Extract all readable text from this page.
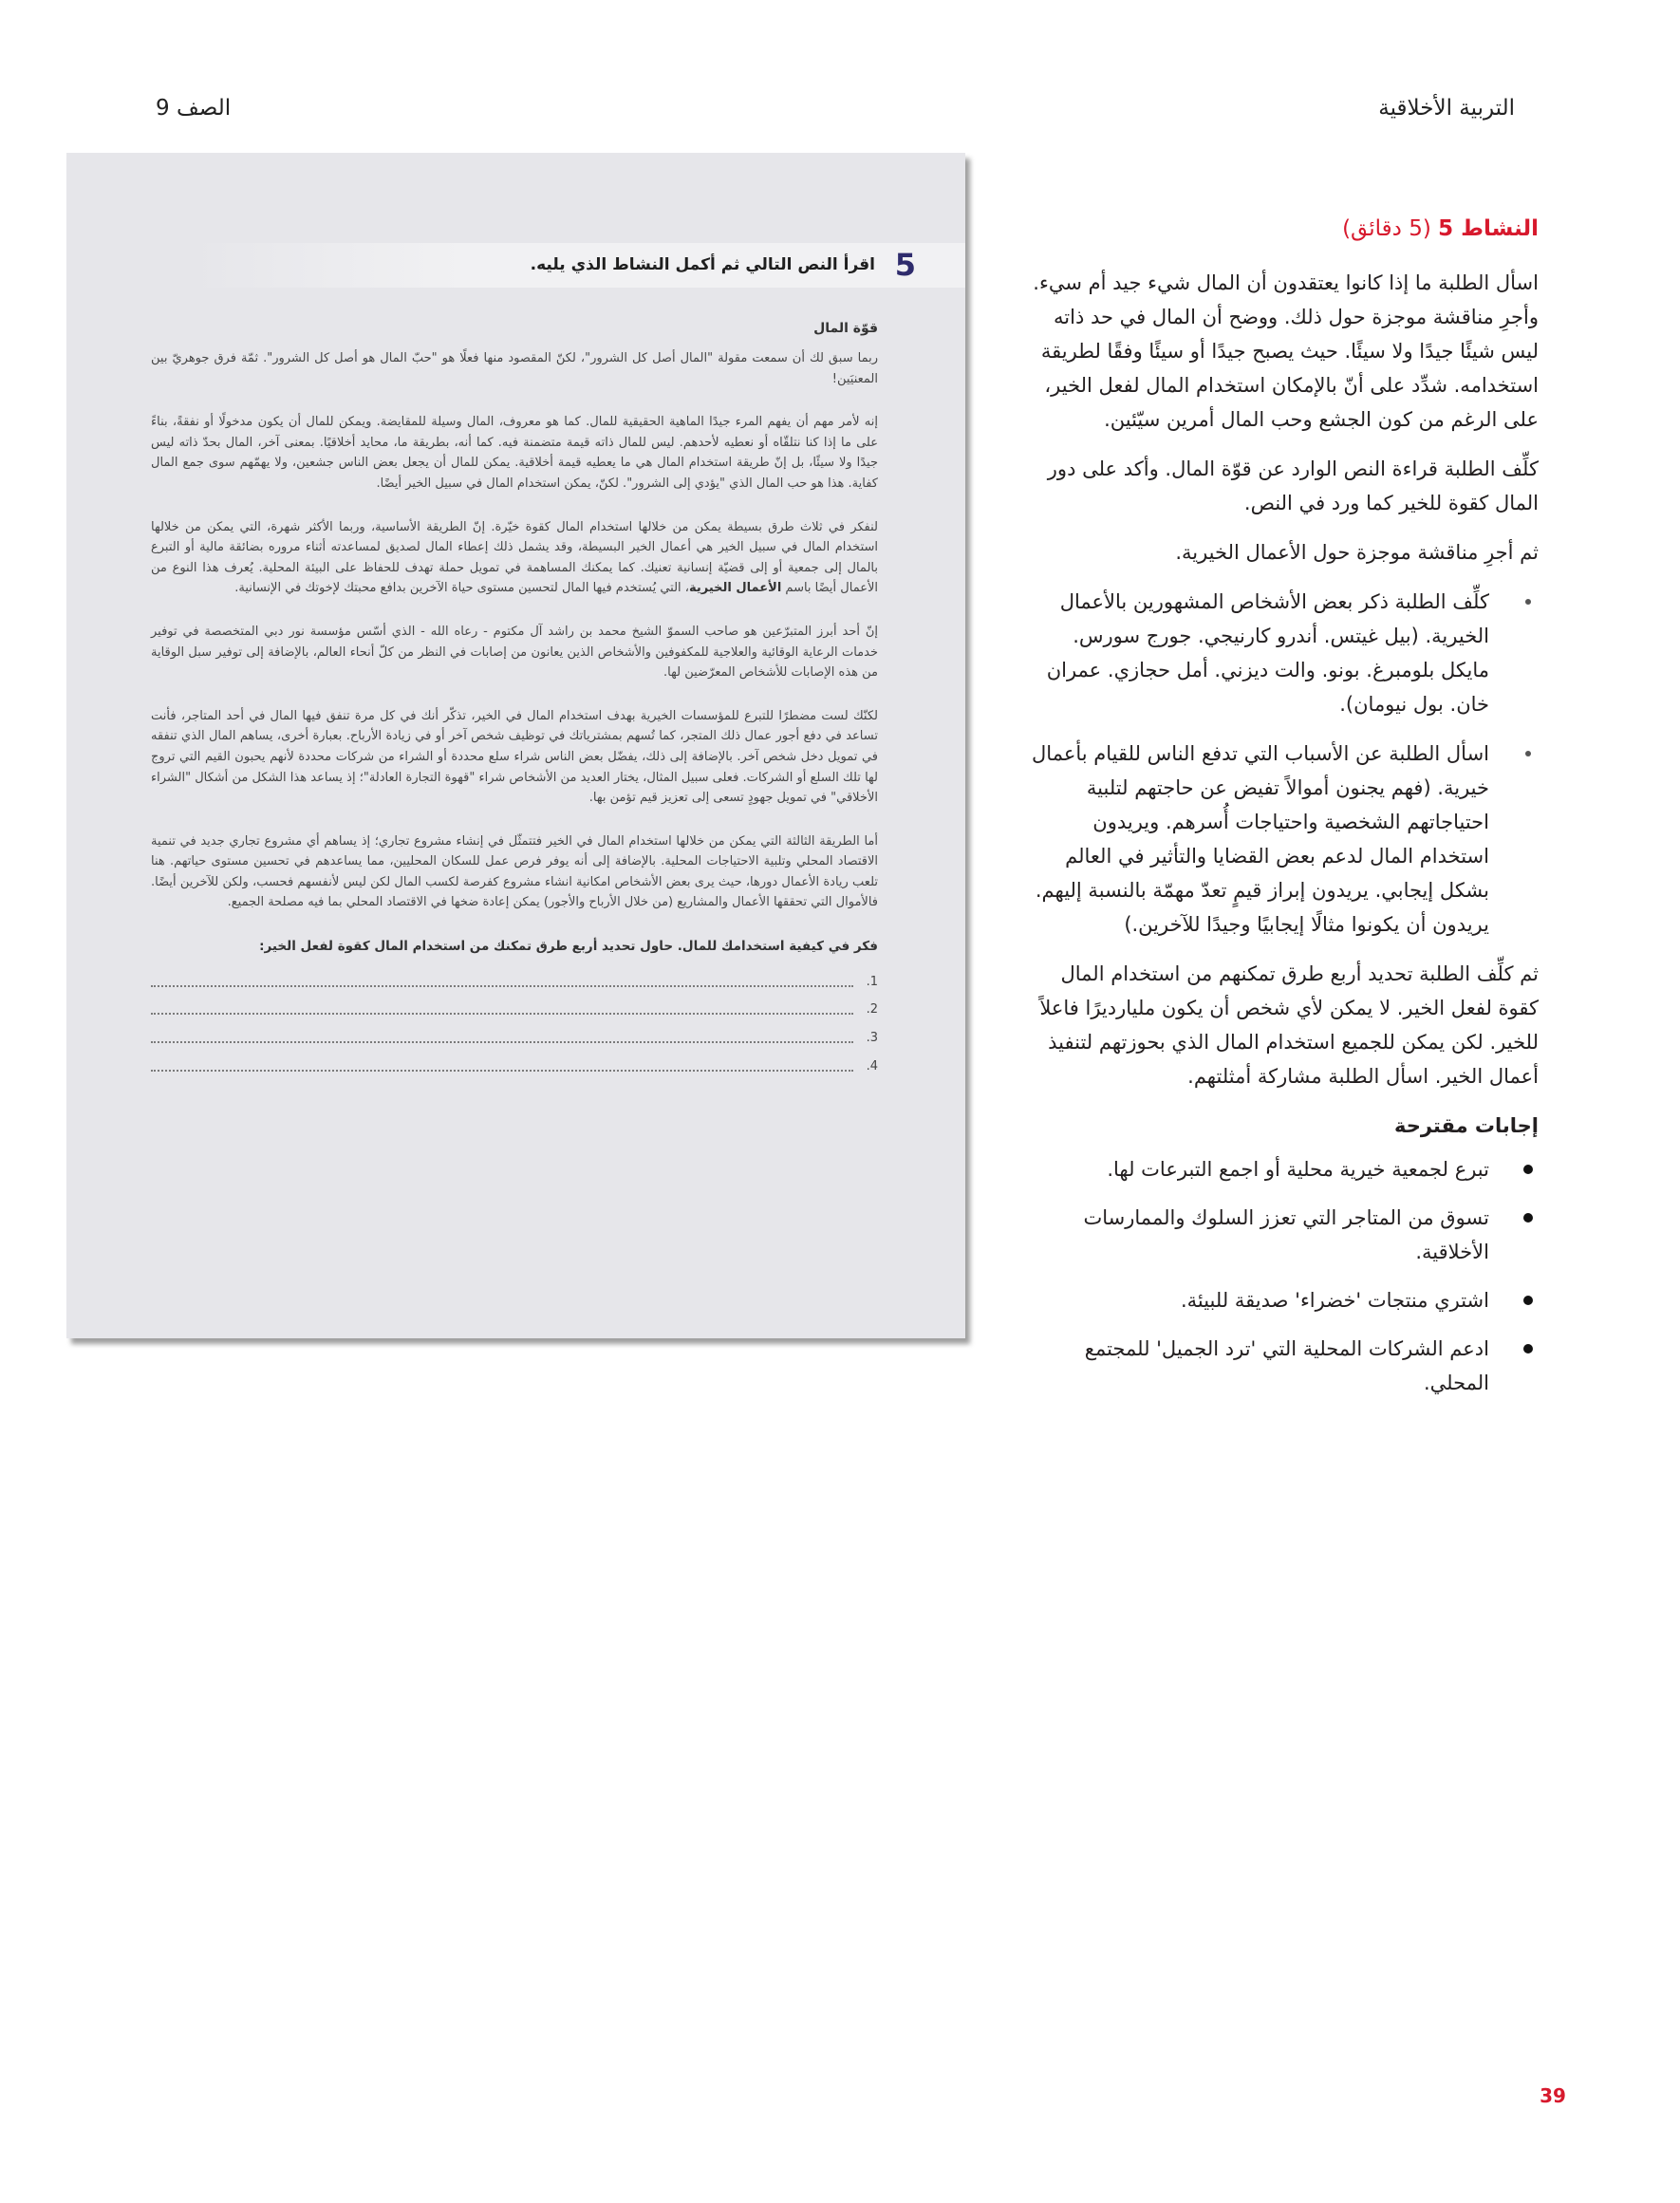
التربية الأخلاقية
الصف 9
5
اقرأ النص التالي ثم أكمل النشاط الذي يليه.
قوّة المال

ربما سبق لك أن سمعت مقولة "المال أصل كل الشرور"، لكنّ المقصود منها فعلًا هو "حبّ المال هو أصل كل الشرور". ثمّة فرق جوهريّ بين المعنيَين!

إنه لأمر مهم أن يفهم المرء جيدًا الماهية الحقيقية للمال. كما هو معروف، المال وسيلة للمقايضة. ويمكن للمال أن يكون مدخولًا أو نفقةً، بناءً على ما إذا كنا نتلقّاه أو نعطيه لأحدهم. ليس للمال ذاته قيمة متضمنة فيه. كما أنه، بطريقة ما، محايد أخلاقيًا. بمعنى آخر، المال بحدّ ذاته ليس جيدًا ولا سيئًا، بل إنّ طريقة استخدام المال هي ما يعطيه قيمة أخلاقية. يمكن للمال أن يجعل بعض الناس جشعين، ولا يهمّهم سوى جمع المال كفاية. هذا هو حب المال الذي "يؤدي إلى الشرور". لكنّ، يمكن استخدام المال في سبيل الخير أيضًا.

لنفكر في ثلاث طرق بسيطة يمكن من خلالها استخدام المال كقوة خيّرة. إنّ الطريقة الأساسية، وربما الأكثر شهرة، التي يمكن من خلالها استخدام المال في سبيل الخير هي أعمال الخير البسيطة، وقد يشمل ذلك إعطاء المال لصديق لمساعدته أثناء مروره بضائقة مالية أو التبرع بالمال إلى جمعية أو إلى قضيّة إنسانية تعنيك. كما يمكنك المساهمة في تمويل حملة تهدف للحفاظ على البيئة المحلية. يُعرف هذا النوع من الأعمال أيضًا باسم الأعمال الخيرية، التي يُستخدم فيها المال لتحسين مستوى حياة الآخرين بدافع محبتك لإخوتك في الإنسانية.

إنّ أحد أبرز المتبرّعين هو صاحب السموّ الشيخ محمد بن راشد آل مكتوم - رعاه الله - الذي أسّس مؤسسة نور دبي المتخصصة في توفير خدمات الرعاية الوقائية والعلاجية للمكفوفين والأشخاص الذين يعانون من إصابات في النظر من كلّ أنحاء العالم، بالإضافة إلى توفير سبل الوقاية من هذه الإصابات للأشخاص المعرّضين لها.

لكنّك لست مضطرًا للتبرع للمؤسسات الخيرية بهدف استخدام المال في الخير، تذكّر أنك في كل مرة تنفق فيها المال في أحد المتاجر، فأنت تساعد في دفع أجور عمال ذلك المتجر، كما تُسهم بمشترياتك في توظيف شخص آخر أو في زيادة الأرباح. بعبارة أخرى، يساهم المال الذي تنفقه في تمويل دخل شخص آخر. بالإضافة إلى ذلك، يفضّل بعض الناس شراء سلع محددة أو الشراء من شركات محددة لأنهم يحبون القيم التي تروج لها تلك السلع أو الشركات. فعلى سبيل المثال، يختار العديد من الأشخاص شراء "قهوة التجارة العادلة"؛ إذ يساعد هذا الشكل من أشكال "الشراء الأخلاقي" في تمويل جهودٍ تسعى إلى تعزيز قيم تؤمن بها.

أما الطريقة الثالثة التي يمكن من خلالها استخدام المال في الخير فتتمثّل في إنشاء مشروع تجاري؛ إذ يساهم أي مشروع تجاري جديد في تنمية الاقتصاد المحلي وتلبية الاحتياجات المحلية. بالإضافة إلى أنه يوفر فرص عمل للسكان المحليين، مما يساعدهم في تحسين مستوى حياتهم. هنا تلعب ريادة الأعمال دورها، حيث يرى بعض الأشخاص امكانية انشاء مشروع كفرصة لكسب المال لكن ليس لأنفسهم فحسب، ولكن للآخرين أيضًا. فالأموال التي تحققها الأعمال والمشاريع (من خلال الأرباح والأجور) يمكن إعادة ضخها في الاقتصاد المحلي بما فيه مصلحة الجميع.

فكر في كيفية استخدامك للمال. حاول تحديد أربع طرق تمكنك من استخدام المال كقوة لفعل الخير:
1.
2.
3.
4.
النشاط 5 (5 دقائق)

اسأل الطلبة ما إذا كانوا يعتقدون أن المال شيء جيد أم سيء. وأجرِ مناقشة موجزة حول ذلك. ووضح أن المال في حد ذاته ليس شيئًا جيدًا ولا سيئًا. حيث يصبح جيدًا أو سيئًا وفقًا لطريقة استخدامه. شدِّد على أنّ بالإمكان استخدام المال لفعل الخير، على الرغم من كون الجشع وحب المال أمرين سيّئين.

كلِّف الطلبة قراءة النص الوارد عن قوّة المال. وأكد على دور المال كقوة للخير كما ورد في النص.

ثم أجرِ مناقشة موجزة حول الأعمال الخيرية.

كلِّف الطلبة ذكر بعض الأشخاص المشهورين بالأعمال الخيرية. (بيل غيتس. أندرو كارنيجي. جورج سورس. مايكل بلومبرغ. بونو. والت ديزني. أمل حجازي. عمران خان. بول نيومان).
اسأل الطلبة عن الأسباب التي تدفع الناس للقيام بأعمال خيرية. (فهم يجنون أموالاً تفيض عن حاجتهم لتلبية احتياجاتهم الشخصية واحتياجات أُسرهم. ويريدون استخدام المال لدعم بعض القضايا والتأثير في العالم بشكل إيجابي. يريدون إبراز قيمٍ تعدّ مهمّة بالنسبة إليهم. يريدون أن يكونوا مثالًا إيجابيًا وجيدًا للآخرين.)

ثم كلِّف الطلبة تحديد أربع طرق تمكنهم من استخدام المال كقوة لفعل الخير. لا يمكن لأي شخص أن يكون مليارديرًا فاعلاً للخير. لكن يمكن للجميع استخدام المال الذي بحوزتهم لتنفيذ أعمال الخير. اسأل الطلبة مشاركة أمثلتهم.

إجابات مقترحة
تبرع لجمعية خيرية محلية أو اجمع التبرعات لها.
تسوق من المتاجر التي تعزز السلوك والممارسات الأخلاقية.
اشتري منتجات 'خضراء' صديقة للبيئة.
ادعم الشركات المحلية التي 'ترد الجميل' للمجتمع المحلي.
39
